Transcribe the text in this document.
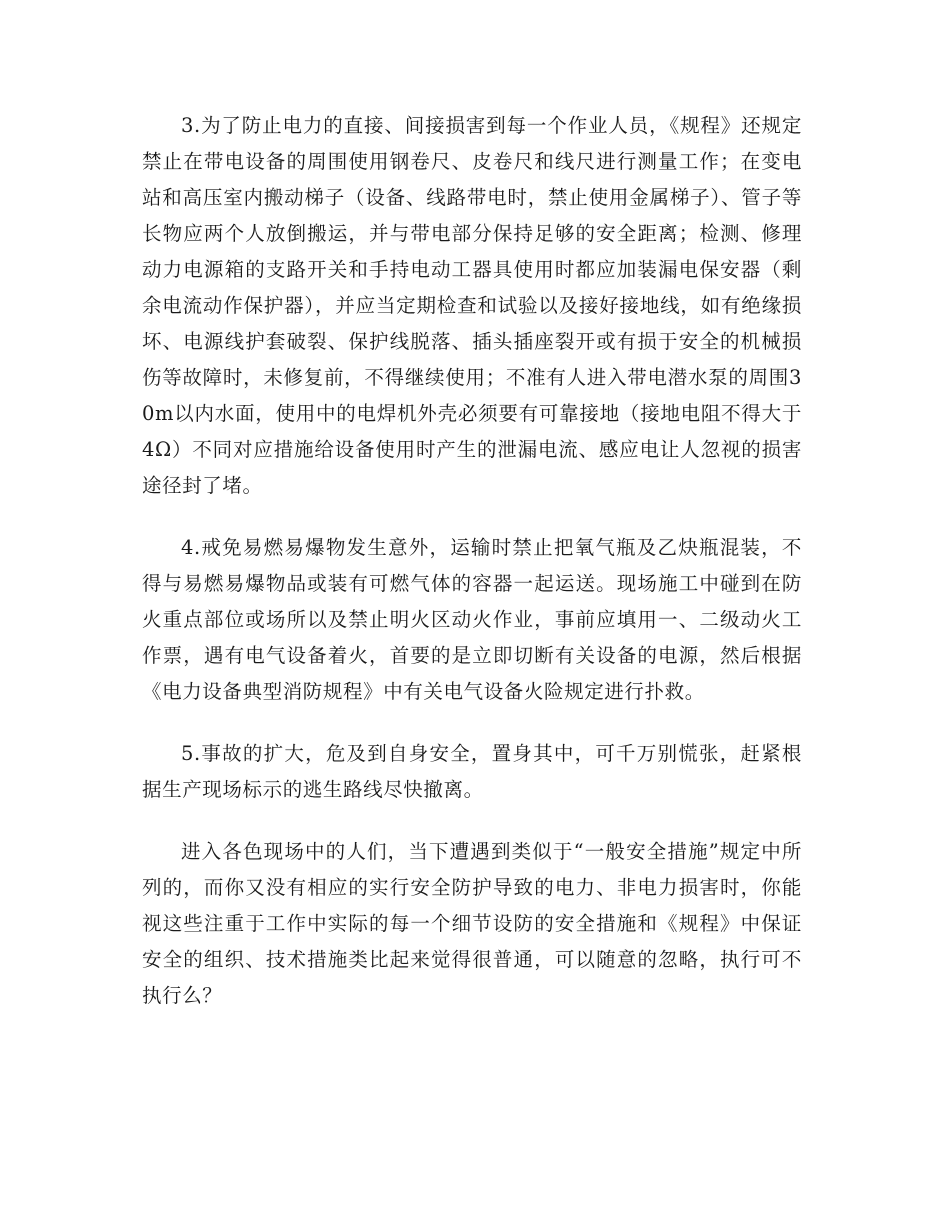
3.为了防止电力的直接、间接损害到每一个作业人员，《规程》还规定禁止在带电设备的周围使用钢卷尺、皮卷尺和线尺进行测量工作；在变电站和高压室内搬动梯子（设备、线路带电时，禁止使用金属梯子）、管子等长物应两个人放倒搬运，并与带电部分保持足够的安全距离；检测、修理动力电源箱的支路开关和手持电动工器具使用时都应加装漏电保安器（剩余电流动作保护器），并应当定期检查和试验以及接好接地线，如有绝缘损坏、电源线护套破裂、保护线脱落、插头插座裂开或有损于安全的机械损伤等故障时，未修复前，不得继续使用；不准有人进入带电潜水泵的周围30m以内水面，使用中的电焊机外壳必须要有可靠接地（接地电阻不得大于4Ω）不同对应措施给设备使用时产生的泄漏电流、感应电让人忽视的损害途径封了堵。

4.戒免易燃易爆物发生意外，运输时禁止把氧气瓶及乙炔瓶混装，不得与易燃易爆物品或装有可燃气体的容器一起运送。现场施工中碰到在防火重点部位或场所以及禁止明火区动火作业，事前应填用一、二级动火工作票，遇有电气设备着火，首要的是立即切断有关设备的电源，然后根据《电力设备典型消防规程》中有关电气设备火险规定进行扑救。

5.事故的扩大，危及到自身安全，置身其中，可千万别慌张，赶紧根据生产现场标示的逃生路线尽快撤离。

进入各色现场中的人们，当下遭遇到类似于“一般安全措施”规定中所列的，而你又没有相应的实行安全防护导致的电力、非电力损害时，你能视这些注重于工作中实际的每一个细节设防的安全措施和《规程》中保证安全的组织、技术措施类比起来觉得很普通，可以随意的忽略，执行可不执行么？
